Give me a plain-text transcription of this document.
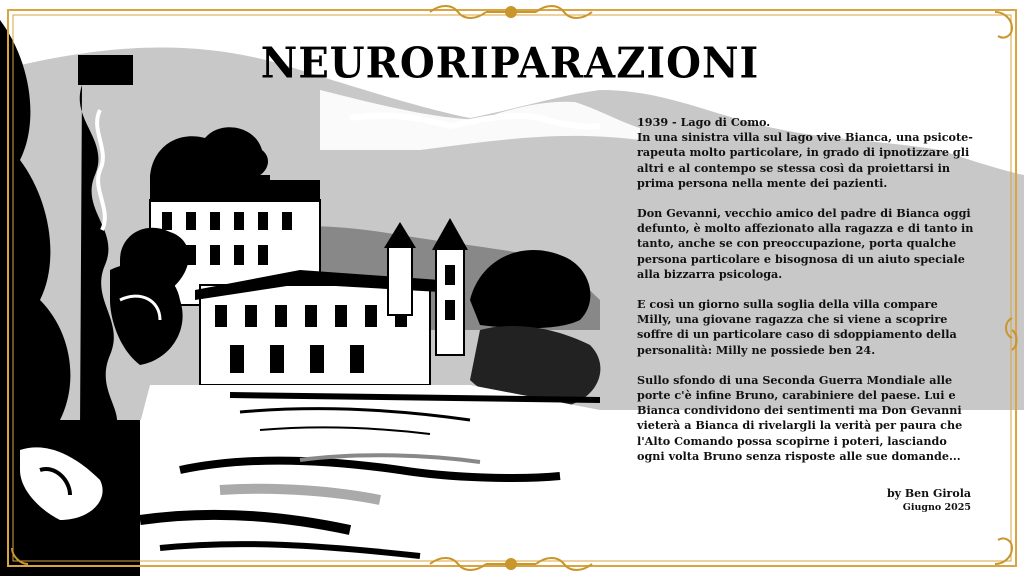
NEURORIPARAZIONI

1939 - Lago di Como.
In una sinistra villa sul lago vive Bianca, una psicote-
rapeuta molto particolare, in grado di ipnotizzare gli
altri e al contempo se stessa così da proiettarsi in
prima persona nella mente dei pazienti.

Don Gevanni, vecchio amico del padre di Bianca oggi
defunto, è molto affezionato alla ragazza e di tanto in
tanto, anche se con preoccupazione, porta qualche
persona particolare e bisognosa di un aiuto speciale
alla bizzarra psicologa.

E così un giorno sulla soglia della villa compare
Milly, una giovane ragazza che si viene a scoprire
soffre di un particolare caso di sdoppiamento della
personalità: Milly ne possiede ben 24.

Sullo sfondo di una Seconda Guerra Mondiale alle
porte c'è infine Bruno, carabiniere del paese. Lui e
Bianca condividono dei sentimenti ma Don Gevanni
vieterà a Bianca di rivelargli la verità per paura che
l'Alto Comando possa scopirne i poteri, lasciando
ogni volta Bruno senza risposte alle sue domande...

by Ben Girola
Giugno 2025
